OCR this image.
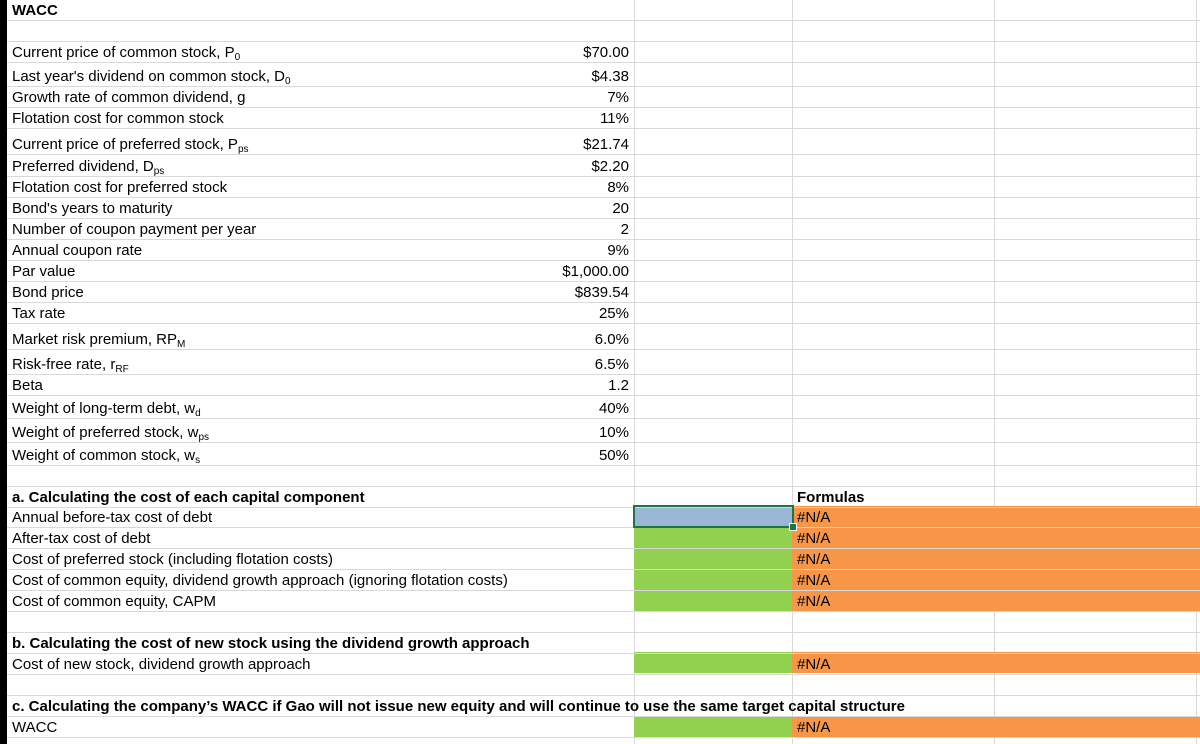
WACC
Current price of common stock, $P_0$	$70.00
Last year's dividend on common stock, $D_0$	$4.38
Growth rate of common dividend, g	7%
Flotation cost for common stock	11%
Current price of preferred stock, $P_{ps}$	$21.74
Preferred dividend, $D_{ps}$	$2.20
Flotation cost for preferred stock	8%
Bond's years to maturity	20
Number of coupon payment per year	2
Annual coupon rate	9%
Par value	$1,000.00
Bond price	$839.54
Tax rate	25%
Market risk premium, $RP_M$	6.0%
Risk-free rate, $r_{RF}$	6.5%
Beta	1.2
Weight of long-term debt, $w_d$	40%
Weight of preferred stock, $w_{ps}$	10%
Weight of common stock, $w_s$	50%
a. Calculating the cost of each capital component	Formulas
Annual before-tax cost of debt	#N/A
After-tax cost of debt	#N/A
Cost of preferred stock (including flotation costs)	#N/A
Cost of common equity, dividend growth approach (ignoring flotation costs)	#N/A
Cost of common equity, CAPM	#N/A
b. Calculating the cost of new stock using the dividend growth approach
Cost of new stock, dividend growth approach	#N/A
c. Calculating the company’s WACC if Gao will not issue new equity and will continue to use the same target capital structure
WACC	#N/A
